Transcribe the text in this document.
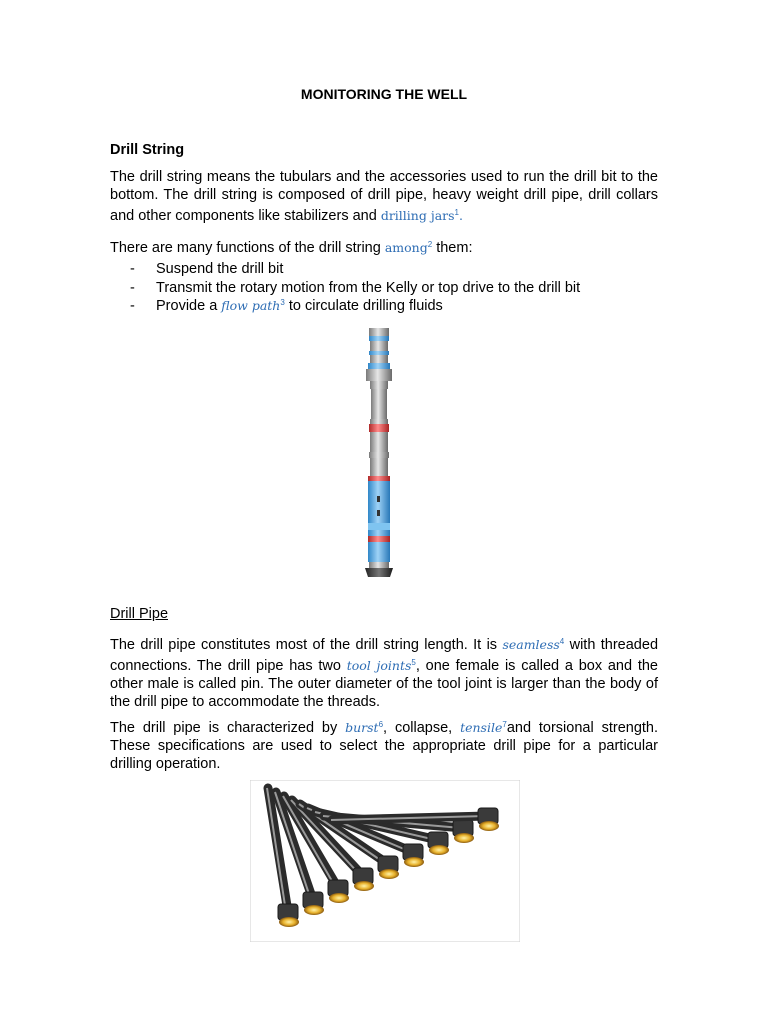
MONITORING THE WELL
Drill String
The drill string means the tubulars and the accessories used to run the drill bit to the bottom. The drill string is composed of drill pipe, heavy weight drill pipe, drill collars and other components like stabilizers and drilling jars$^1$.
There are many functions of the drill string among$^2$ them:
- Suspend the drill bit
- Transmit the rotary motion from the Kelly or top drive to the drill bit
- Provide a flow path$^3$ to circulate drilling fluids
Drill Pipe
The drill pipe constitutes most of the drill string length. It is seamless$^4$ with threaded connections. The drill pipe has two tool joints$^5$, one female is called a box and the other male is called pin. The outer diameter of the tool joint is larger than the body of the drill pipe to accommodate the threads.
The drill pipe is characterized by burst$^6$, collapse, tensile$^7$and torsional strength. These specifications are used to select the appropriate drill pipe for a particular drilling operation.
